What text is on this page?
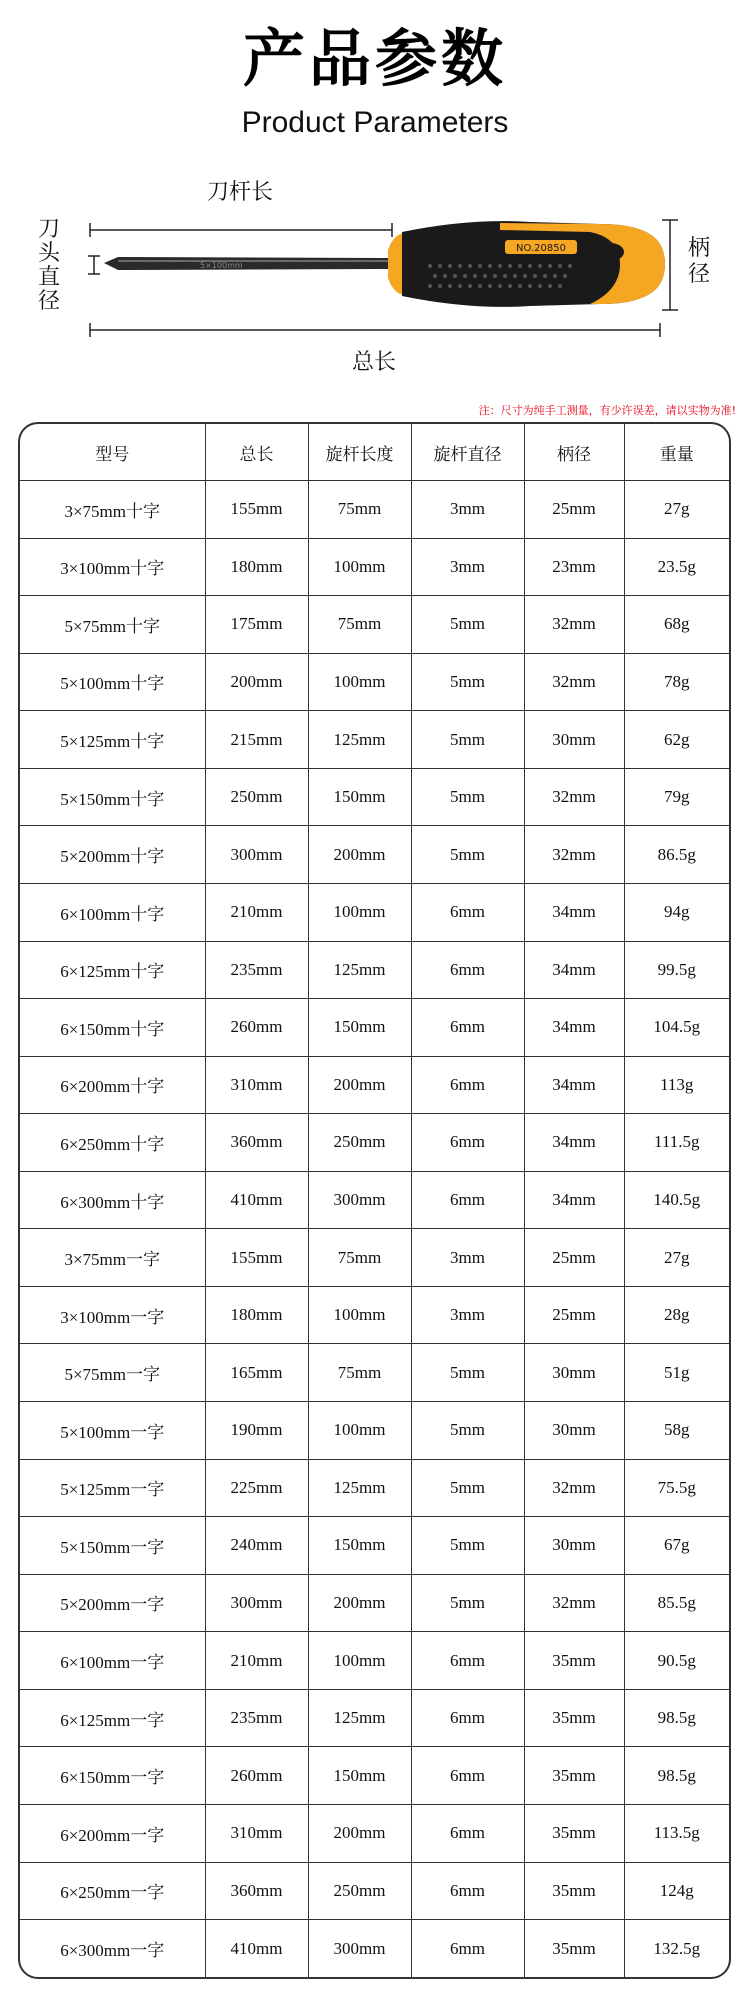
产品参数
Product Parameters
刀杆长
刀头直径
柄径
总长
5×100mm
NO.20850
注：尺寸为纯手工测量，有少许误差，请以实物为准!
型号	总长	旋杆长度	旋杆直径	柄径	重量
3×75mm十字	155mm	75mm	3mm	25mm	27g
3×100mm十字	180mm	100mm	3mm	23mm	23.5g
5×75mm十字	175mm	75mm	5mm	32mm	68g
5×100mm十字	200mm	100mm	5mm	32mm	78g
5×125mm十字	215mm	125mm	5mm	30mm	62g
5×150mm十字	250mm	150mm	5mm	32mm	79g
5×200mm十字	300mm	200mm	5mm	32mm	86.5g
6×100mm十字	210mm	100mm	6mm	34mm	94g
6×125mm十字	235mm	125mm	6mm	34mm	99.5g
6×150mm十字	260mm	150mm	6mm	34mm	104.5g
6×200mm十字	310mm	200mm	6mm	34mm	113g
6×250mm十字	360mm	250mm	6mm	34mm	111.5g
6×300mm十字	410mm	300mm	6mm	34mm	140.5g
3×75mm一字	155mm	75mm	3mm	25mm	27g
3×100mm一字	180mm	100mm	3mm	25mm	28g
5×75mm一字	165mm	75mm	5mm	30mm	51g
5×100mm一字	190mm	100mm	5mm	30mm	58g
5×125mm一字	225mm	125mm	5mm	32mm	75.5g
5×150mm一字	240mm	150mm	5mm	30mm	67g
5×200mm一字	300mm	200mm	5mm	32mm	85.5g
6×100mm一字	210mm	100mm	6mm	35mm	90.5g
6×125mm一字	235mm	125mm	6mm	35mm	98.5g
6×150mm一字	260mm	150mm	6mm	35mm	98.5g
6×200mm一字	310mm	200mm	6mm	35mm	113.5g
6×250mm一字	360mm	250mm	6mm	35mm	124g
6×300mm一字	410mm	300mm	6mm	35mm	132.5g
